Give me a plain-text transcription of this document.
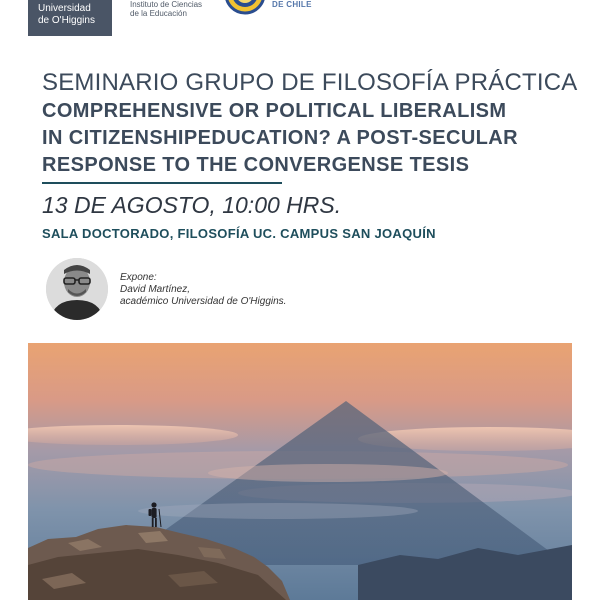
Universidad
de O'Higgins
Instituto de Ciencias
de la Educación
DE CHILE
SEMINARIO GRUPO DE FILOSOFÍA PRÁCTICA
COMPREHENSIVE OR POLITICAL LIBERALISM
IN CITIZENSHIPEDUCATION? A POST-SECULAR
RESPONSE TO THE CONVERGENSE TESIS
13 DE AGOSTO, 10:00 HRS.
SALA DOCTORADO, FILOSOFÍA UC. CAMPUS SAN JOAQUÍN
Expone:
David Martínez,
académico Universidad de O'Higgins.
